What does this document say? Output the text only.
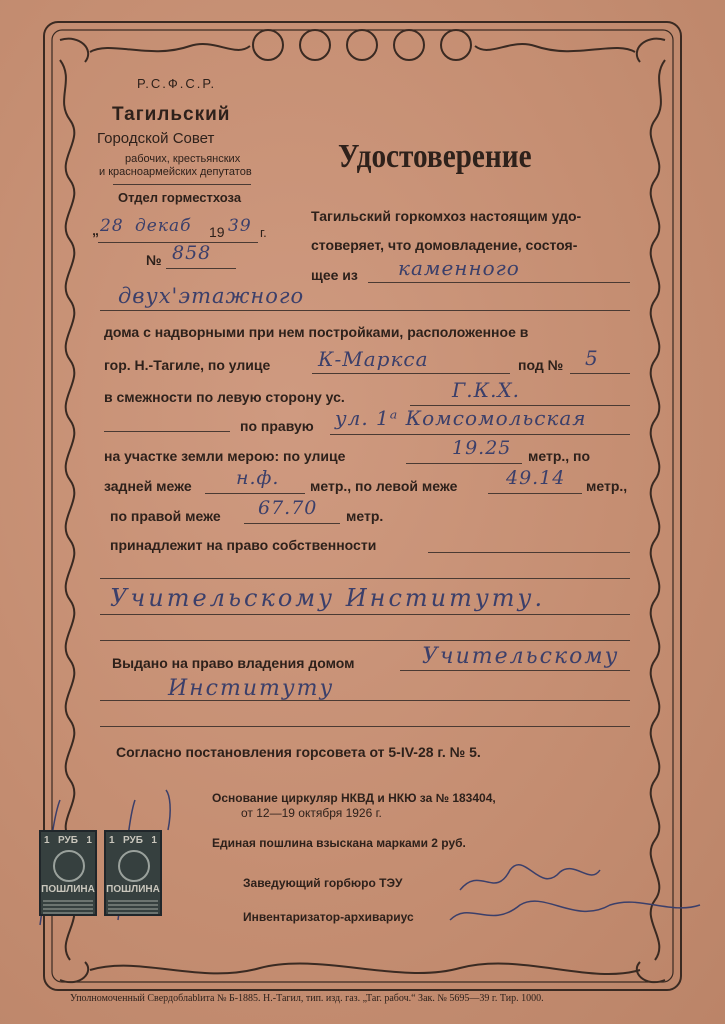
Р.С.Ф.С.Р.
Тагильский
Городской Совет
рабочих, крестьянских
и красноармейских депутатов
Отдел горместхоза
„ 28 декаб 19 39 г.
№ 858
Удостоверение
Тагильский горкомхоз настоящим удо-
стоверяет, что домовладение, состоя-
щее из каменного
двух'этажного
дома с надворными при нем постройками, расположенное в
гор. Н.-Тагиле, по улице К-Маркса	под № 5
в смежности по левую сторону ус.	Г.К.Х.
по правую ул. 1ᵃ Комсомольская
на участке земли мерою: по улице	19.25 метр., по
задней меже н.ф. метр., по левой меже	49.14 метр.,
по правой меже 67.70 метр.
принадлежит на право собственности
Учительскому Институту.
Выдано на право владения домом	Учительскому
Институту
Согласно постановления горсовета от 5-IV-28 г. № 5.
Основание циркуляр НКВД и НКЮ за № 183404,
от 12—19 октября 1926 г.
Единая пошлина взыскана марками 2 руб.
Заведующий горбюро ТЭУ
Инвентаризатор-архивариус
Уполномоченный Свердоблаblита № Б-1885. Н.-Тагил, тип. изд. газ. „Таг. рабоч.“ Зак. № 5695—39 г. Тир. 1000.
1 РУБ 1
ПОШЛИНА
1 РУБ 1
ПОШЛИНА
